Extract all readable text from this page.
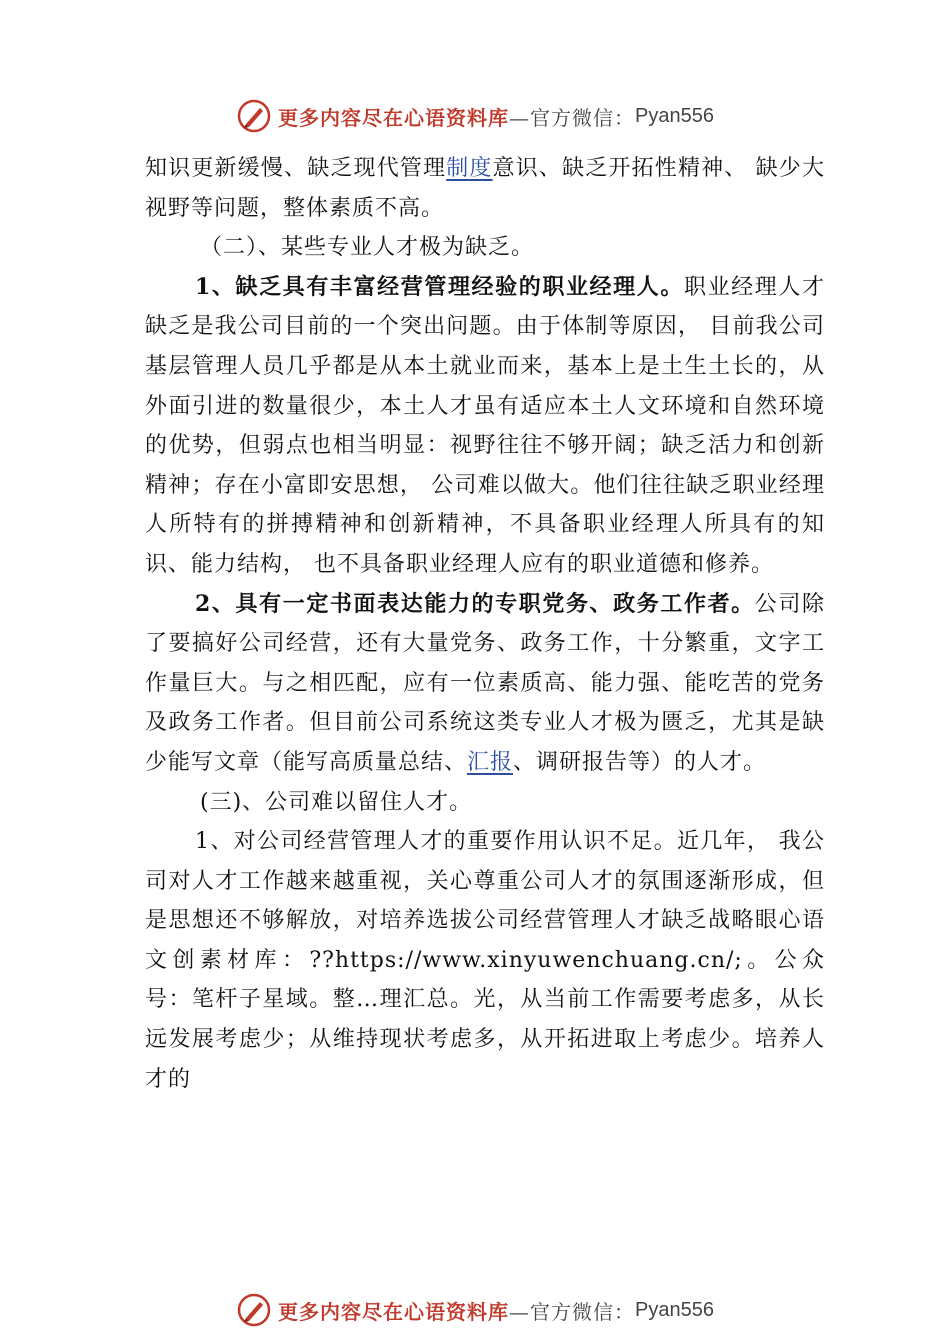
更多内容尽在心语资料库 —官方微信： Pyan556

知识更新缓慢、缺乏现代管理制度意识、缺乏开拓性精神、 缺少大视野等问题，整体素质不高。

（二）、某些专业人才极为缺乏。

1、缺乏具有丰富经营管理经验的职业经理人。职业经理人才缺乏是我公司目前的一个突出问题。由于体制等原因， 目前我公司基层管理人员几乎都是从本土就业而来，基本上是土生土长的，从外面引进的数量很少，本土人才虽有适应本土人文环境和自然环境的优势，但弱点也相当明显：视野往往不够开阔；缺乏活力和创新精神；存在小富即安思想， 公司难以做大。他们往往缺乏职业经理人所特有的拼搏精神和创新精神，不具备职业经理人所具有的知识、能力结构， 也不具备职业经理人应有的职业道德和修养。

2、具有一定书面表达能力的专职党务、政务工作者。公司除了要搞好公司经营，还有大量党务、政务工作，十分繁重，文字工作量巨大。与之相匹配，应有一位素质高、能力强、能吃苦的党务及政务工作者。但目前公司系统这类专业人才极为匮乏，尤其是缺少能写文章（能写高质量总结、汇报、调研报告等）的人才。

(三)、公司难以留住人才。

1、对公司经营管理人才的重要作用认识不足。近几年， 我公司对人才工作越来越重视，关心尊重公司人才的氛围逐渐形成，但是思想还不够解放，对培养选拔公司经营管理人才缺乏战略眼心语文创素材库：??https://www.xinyuwenchuang.cn/;。公众号：笔杆子星域。整…理汇总。光，从当前工作需要考虑多，从长远发展考虑少；从维持现状考虑多，从开拓进取上考虑少。培养人才的

更多内容尽在心语资料库 —官方微信： Pyan556
